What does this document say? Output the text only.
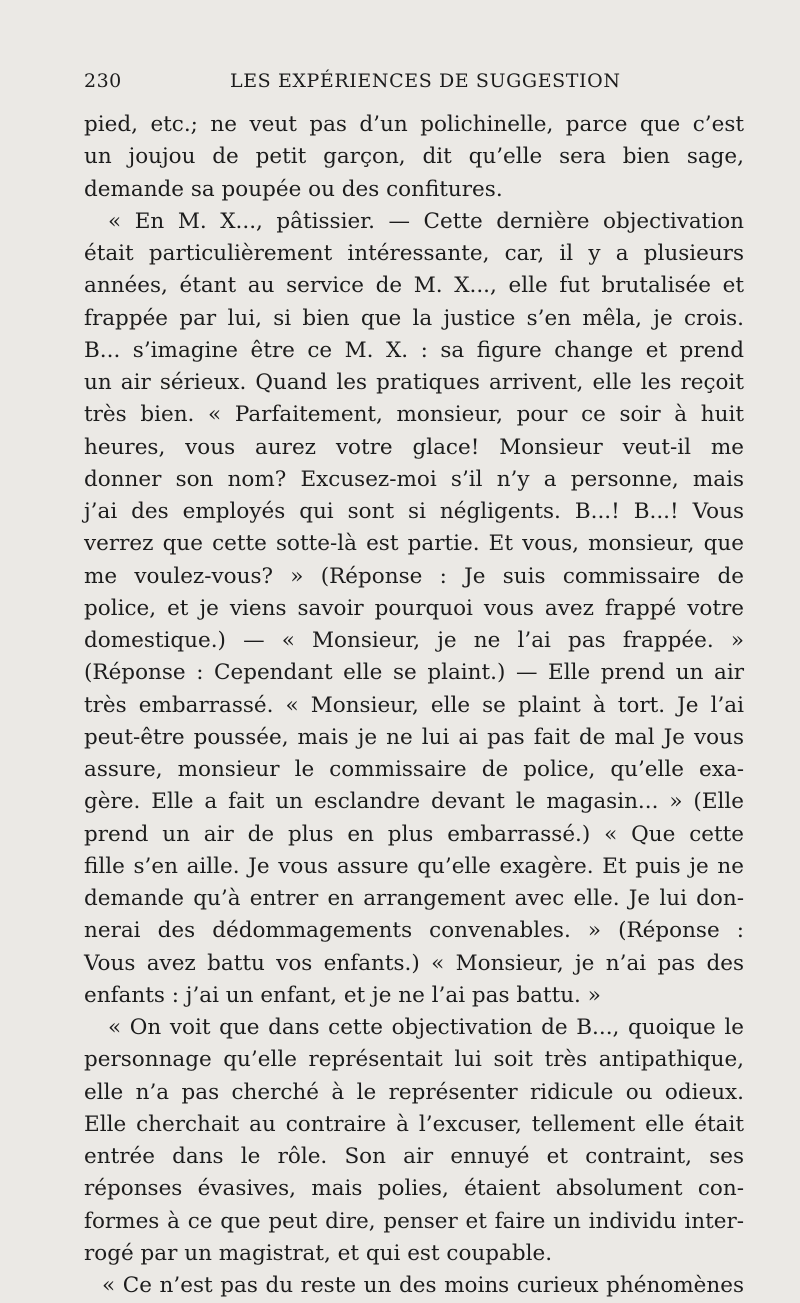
230	LES EXPÉRIENCES DE SUGGESTION
pied, etc.; ne veut pas d’un polichinelle, parce que c’est
un joujou de petit garçon, dit qu’elle sera bien sage,
demande sa poupée ou des confitures.
« En M. X..., pâtissier. — Cette dernière objectivation
était particulièrement intéressante, car, il y a plusieurs
années, étant au service de M. X..., elle fut brutalisée et
frappée par lui, si bien que la justice s’en mêla, je crois.
B... s’imagine être ce M. X. : sa figure change et prend
un air sérieux. Quand les pratiques arrivent, elle les reçoit
très bien. « Parfaitement, monsieur, pour ce soir à huit
heures, vous aurez votre glace! Monsieur veut-il me
donner son nom? Excusez-moi s’il n’y a personne, mais
j’ai des employés qui sont si négligents. B...! B...! Vous
verrez que cette sotte-là est partie. Et vous, monsieur, que
me voulez-vous? » (Réponse : Je suis commissaire de
police, et je viens savoir pourquoi vous avez frappé votre
domestique.) — « Monsieur, je ne l’ai pas frappée. »
(Réponse : Cependant elle se plaint.) — Elle prend un air
très embarrassé. « Monsieur, elle se plaint à tort. Je l’ai
peut-être poussée, mais je ne lui ai pas fait de mal Je vous
assure, monsieur le commissaire de police, qu’elle exa-
gère. Elle a fait un esclandre devant le magasin... » (Elle
prend un air de plus en plus embarrassé.) « Que cette
fille s’en aille. Je vous assure qu’elle exagère. Et puis je ne
demande qu’à entrer en arrangement avec elle. Je lui don-
nerai des dédommagements convenables. » (Réponse :
Vous avez battu vos enfants.) « Monsieur, je n’ai pas des
enfants : j’ai un enfant, et je ne l’ai pas battu. »
« On voit que dans cette objectivation de B..., quoique le
personnage qu’elle représentait lui soit très antipathique,
elle n’a pas cherché à le représenter ridicule ou odieux.
Elle cherchait au contraire à l’excuser, tellement elle était
entrée dans le rôle. Son air ennuyé et contraint, ses
réponses évasives, mais polies, étaient absolument con-
formes à ce que peut dire, penser et faire un individu inter-
rogé par un magistrat, et qui est coupable.
« Ce n’est pas du reste un des moins curieux phénomènes
